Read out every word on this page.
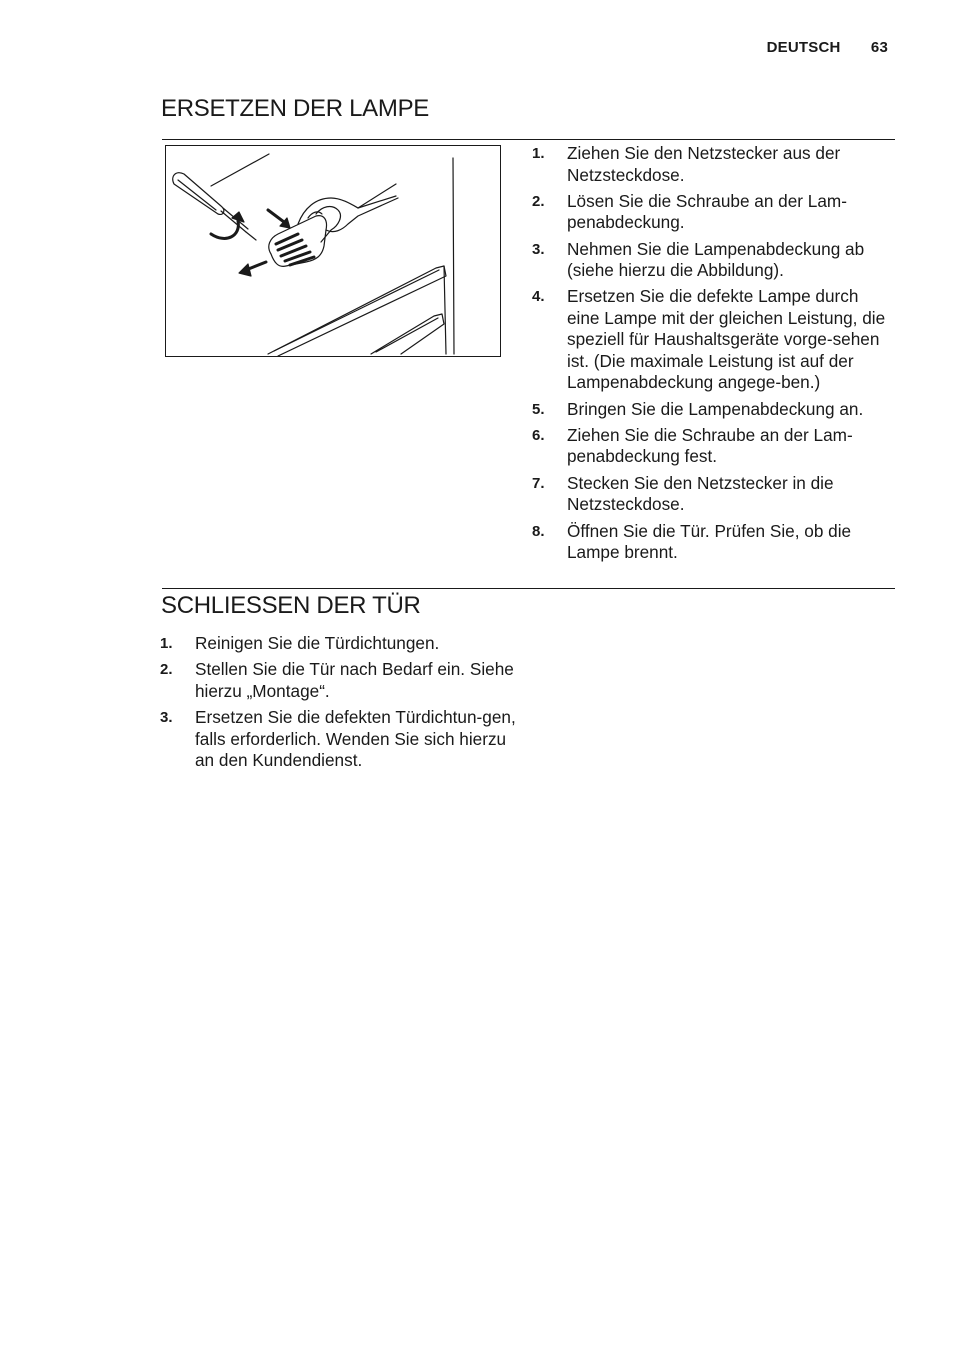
DEUTSCH 63
ERSETZEN DER LAMPE
1. Ziehen Sie den Netzstecker aus der Netzsteckdose.
2. Lösen Sie die Schraube an der Lam-penabdeckung.
3. Nehmen Sie die Lampenabdeckung ab (siehe hierzu die Abbildung).
4. Ersetzen Sie die defekte Lampe durch eine Lampe mit der gleichen Leistung, die speziell für Haushaltsgeräte vorge-sehen ist. (Die maximale Leistung ist auf der Lampenabdeckung angege-ben.)
5. Bringen Sie die Lampenabdeckung an.
6. Ziehen Sie die Schraube an der Lam-penabdeckung fest.
7. Stecken Sie den Netzstecker in die Netzsteckdose.
8. Öffnen Sie die Tür. Prüfen Sie, ob die Lampe brennt.
SCHLIESSEN DER TÜR
1. Reinigen Sie die Türdichtungen.
2. Stellen Sie die Tür nach Bedarf ein. Siehe hierzu „Montage“.
3. Ersetzen Sie die defekten Türdichtun-gen, falls erforderlich. Wenden Sie sich hierzu an den Kundendienst.
